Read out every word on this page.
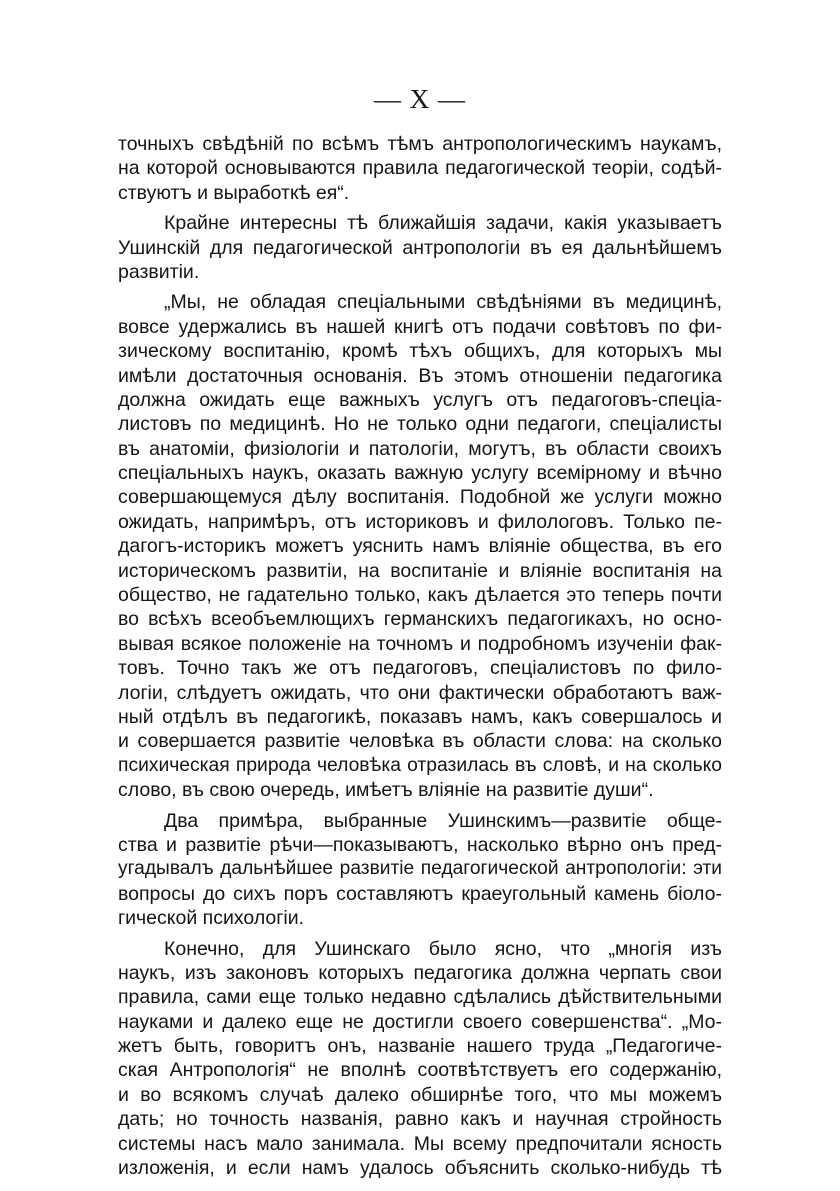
— X —
точныхъ свѣдѣнiй по всѣмъ тѣмъ антропологическимъ наукамъ,
на которой основываются правила педагогической теорiи, содѣй-
ствуютъ и выработкѣ ея“.
Крайне интересны тѣ ближайшiя задачи, какiя указываетъ
Ушинскiй для педагогической антропологiи въ ея дальнѣйшемъ
развитiи.
„Мы, не обладая спецiальными свѣдѣнiями въ медицинѣ,
вовсе удержались въ нашей книгѣ отъ подачи совѣтовъ по фи-
зическому воспитанiю, кромѣ тѣхъ общихъ, для которыхъ мы
имѣли достаточныя основанiя. Въ этомъ отношенiи педагогика
должна ожидать еще важныхъ услугъ отъ педагоговъ-спецiа-
листовъ по медицинѣ. Но не только одни педагоги, спецiалисты
въ анатомiи, физiологiи и патологiи, могутъ, въ области своихъ
спецiальныхъ наукъ, оказать важную услугу всемiрному и вѣчно
совершающемуся дѣлу воспитанiя. Подобной же услуги можно
ожидать, напримѣръ, отъ историковъ и филологовъ. Только пе-
дагогъ-историкъ можетъ уяснить намъ влiянiе общества, въ его
историческомъ развитiи, на воспитанiе и влiянiе воспитанiя на
общество, не гадательно только, какъ дѣлается это теперь почти
во всѣхъ всеобъемлющихъ германскихъ педагогикахъ, но осно-
вывая всякое положенiе на точномъ и подробномъ изученiи фак-
товъ. Точно такъ же отъ педагоговъ, спецiалистовъ по фило-
логiи, слѣдуетъ ожидать, что они фактически обработаютъ важ-
ный отдѣлъ въ педагогикѣ, показавъ намъ, какъ совершалось и
и совершается развитiе человѣка въ области слова: на сколько
психическая природа человѣка отразилась въ словѣ, и на сколько
слово, въ свою очередь, имѣетъ влiянiе на развитiе души“.
Два примѣра, выбранные Ушинскимъ—развитiе обще-
ства и развитiе рѣчи—показываютъ, насколько вѣрно онъ пред-
угадывалъ дальнѣйшее развитiе педагогической антропологiи: эти
вопросы до сихъ поръ составляютъ краеугольный камень бiоло-
гической психологiи.
Конечно, для Ушинскаго было ясно, что „многiя изъ
наукъ, изъ законовъ которыхъ педагогика должна черпать свои
правила, сами еще только недавно сдѣлались дѣйствительными
науками и далеко еще не достигли своего совершенства“. „Мо-
жетъ быть, говоритъ онъ, названiе нашего труда „Педагогиче-
ская Антропологiя“ не вполнѣ соотвѣтствуетъ его содержанiю,
и во всякомъ случаѣ далеко обширнѣе того, что мы можемъ
дать; но точность названiя, равно какъ и научная стройность
системы насъ мало занимала. Мы всему предпочитали ясность
изложенiя, и если намъ удалось объяснить сколько-нибудь тѣ
